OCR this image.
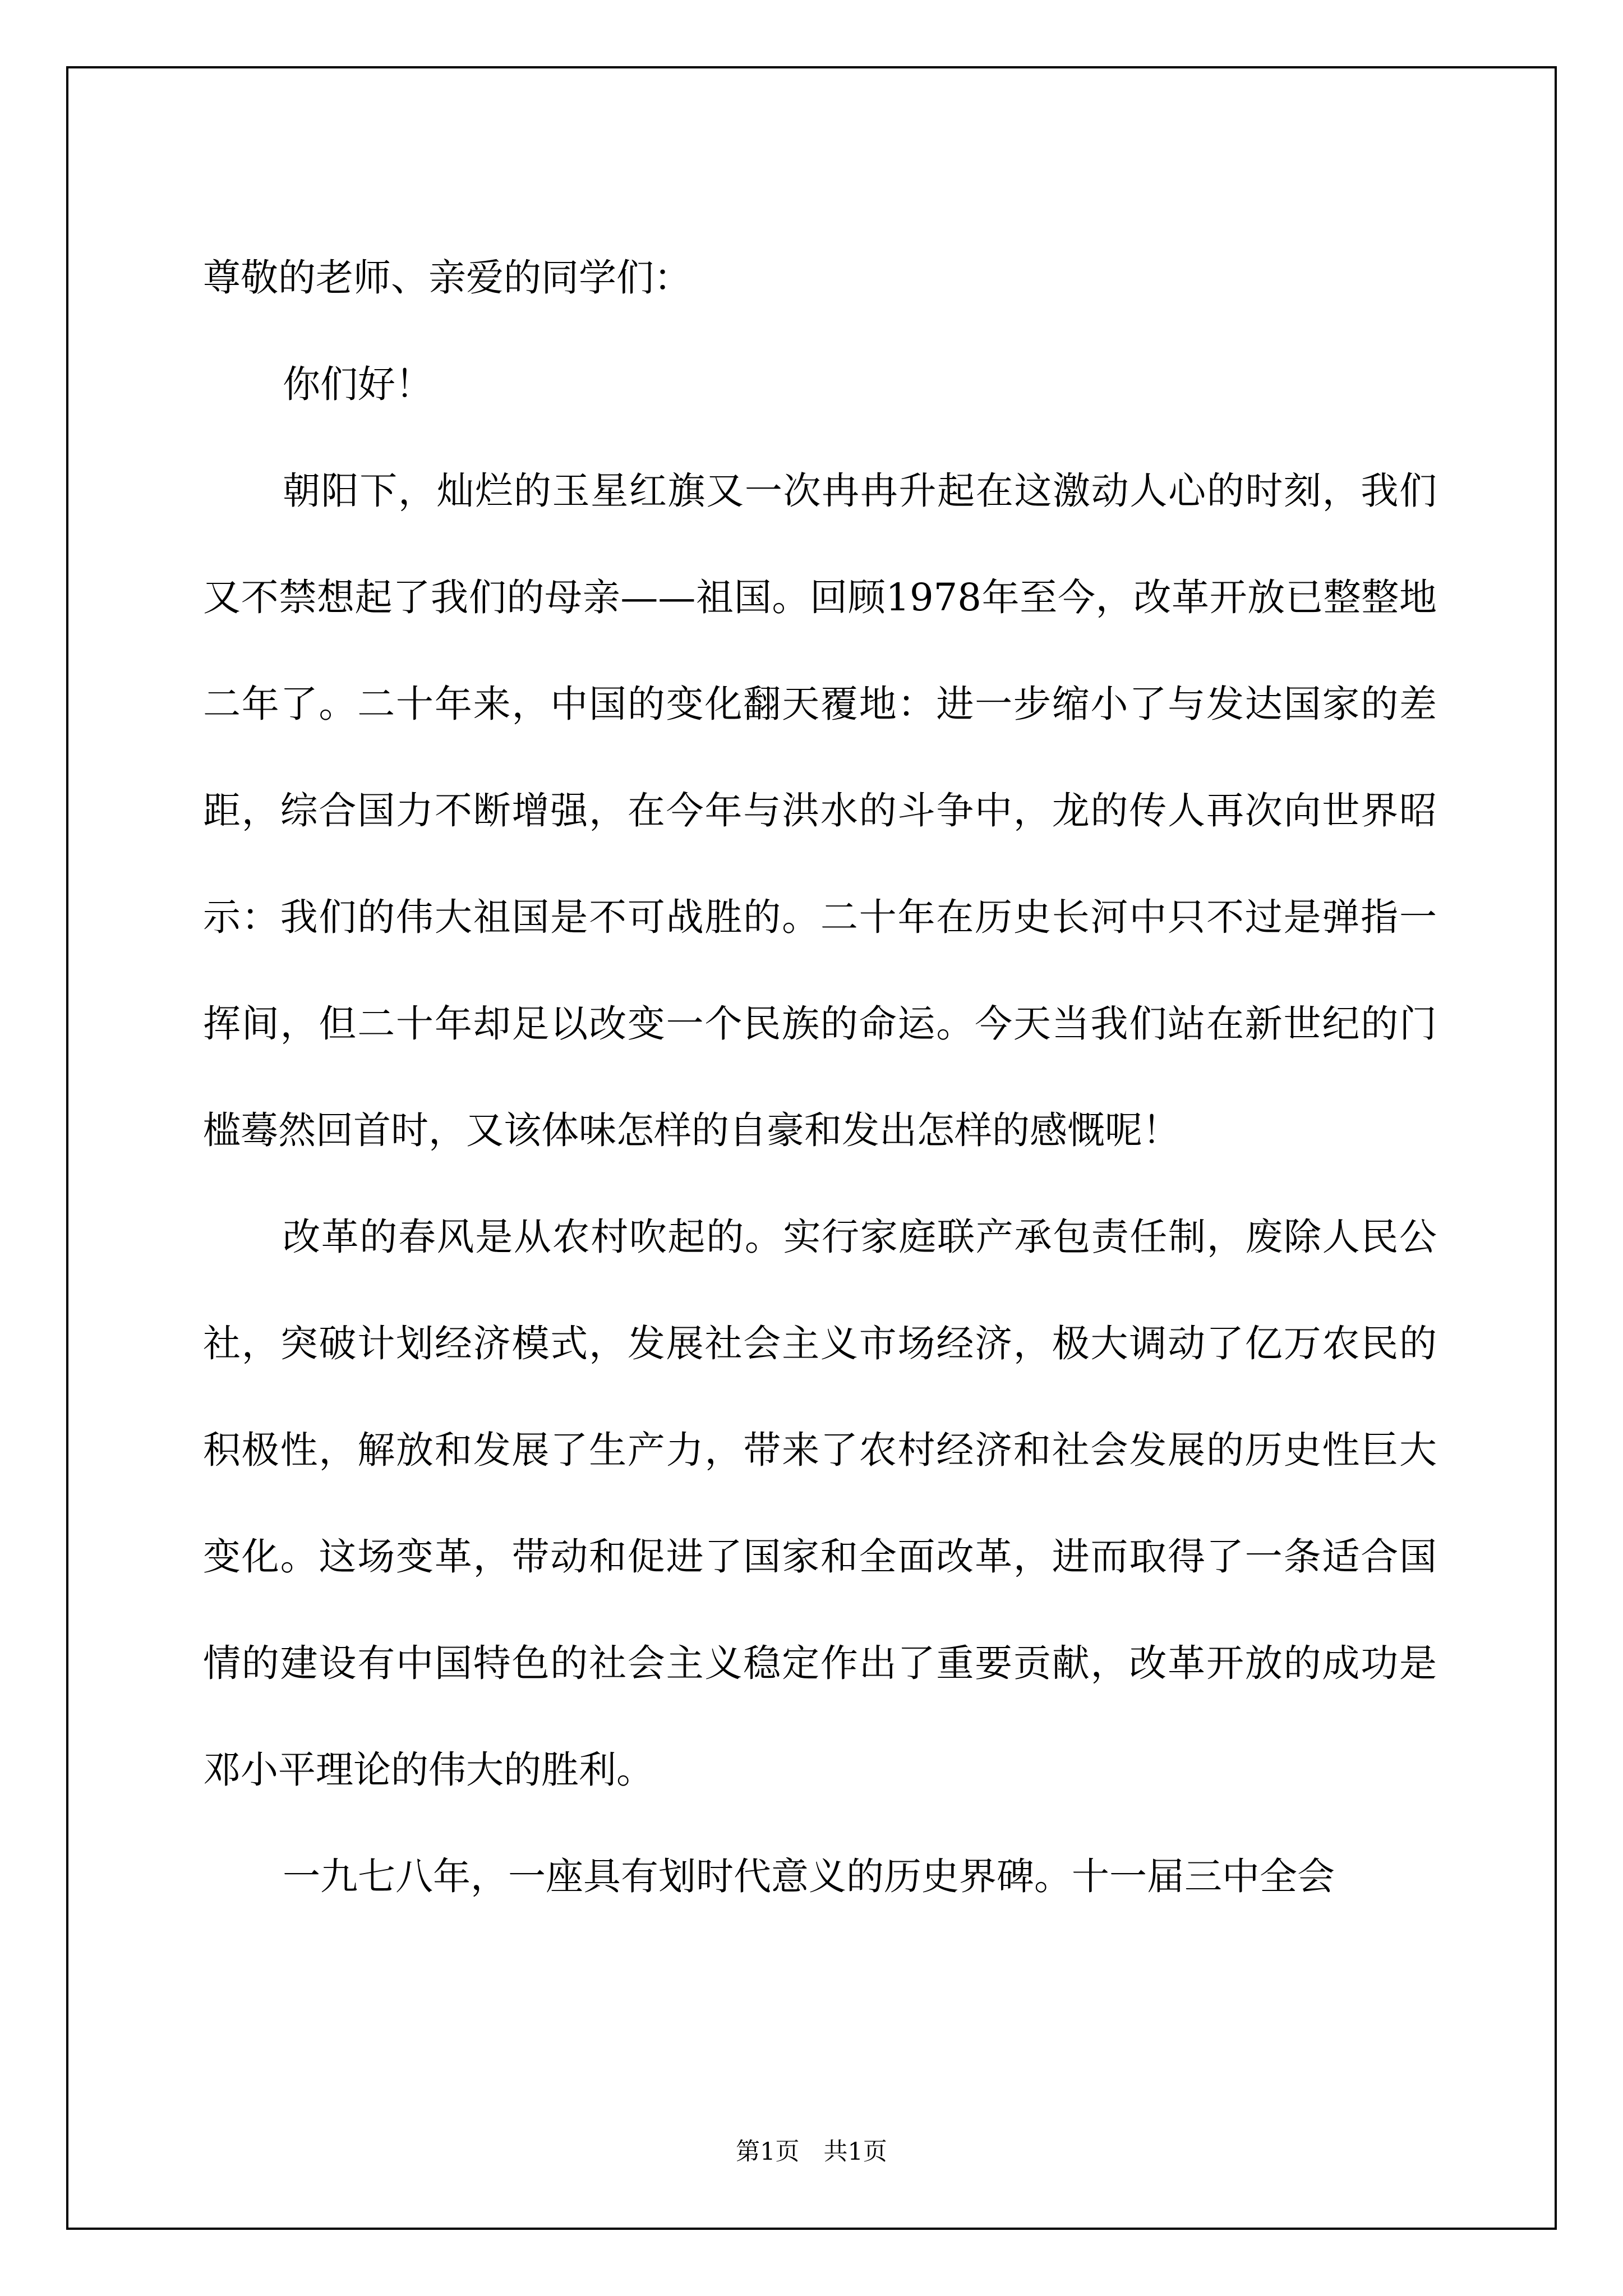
尊敬的老师、亲爱的同学们：

你们好！

朝阳下，灿烂的玉星红旗又一次冉冉升起在这激动人心的时刻，我们又不禁想起了我们的母亲——祖国。回顾1978年至今，改革开放已整整地二年了。二十年来，中国的变化翻天覆地：进一步缩小了与发达国家的差距，综合国力不断增强，在今年与洪水的斗争中，龙的传人再次向世界昭示：我们的伟大祖国是不可战胜的。二十年在历史长河中只不过是弹指一挥间，但二十年却足以改变一个民族的命运。今天当我们站在新世纪的门槛蓦然回首时，又该体味怎样的自豪和发出怎样的感慨呢！

改革的春风是从农村吹起的。实行家庭联产承包责任制，废除人民公社，突破计划经济模式，发展社会主义市场经济，极大调动了亿万农民的积极性，解放和发展了生产力，带来了农村经济和社会发展的历史性巨大变化。这场变革，带动和促进了国家和全面改革，进而取得了一条适合国情的建设有中国特色的社会主义稳定作出了重要贡献，改革开放的成功是邓小平理论的伟大的胜利。

一九七八年，一座具有划时代意义的历史界碑。十一届三中全会

第1页　共1页
